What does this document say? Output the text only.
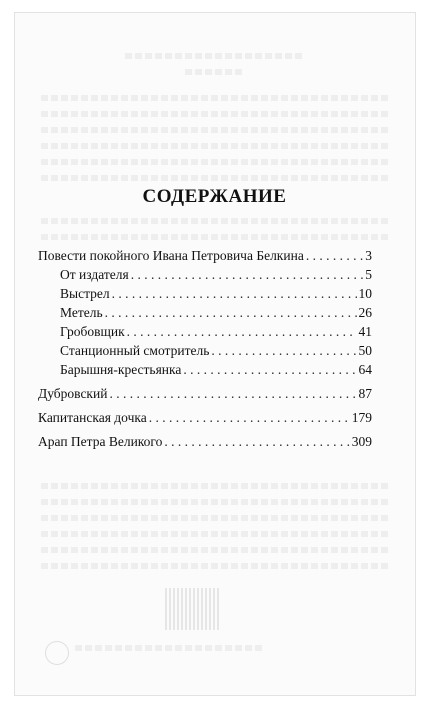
СОДЕРЖАНИЕ
Повести покойного Ивана Петровича Белкина . . .	3
От издателя . . .	5
Выстрел . . .	10
Метель . . .	26
Гробовщик . . .	41
Станционный смотритель . . .	50
Барышня-крестьянка . . .	64
Дубровский . . .	87
Капитанская дочка . . .	179
Арап Петра Великого . . .	309
